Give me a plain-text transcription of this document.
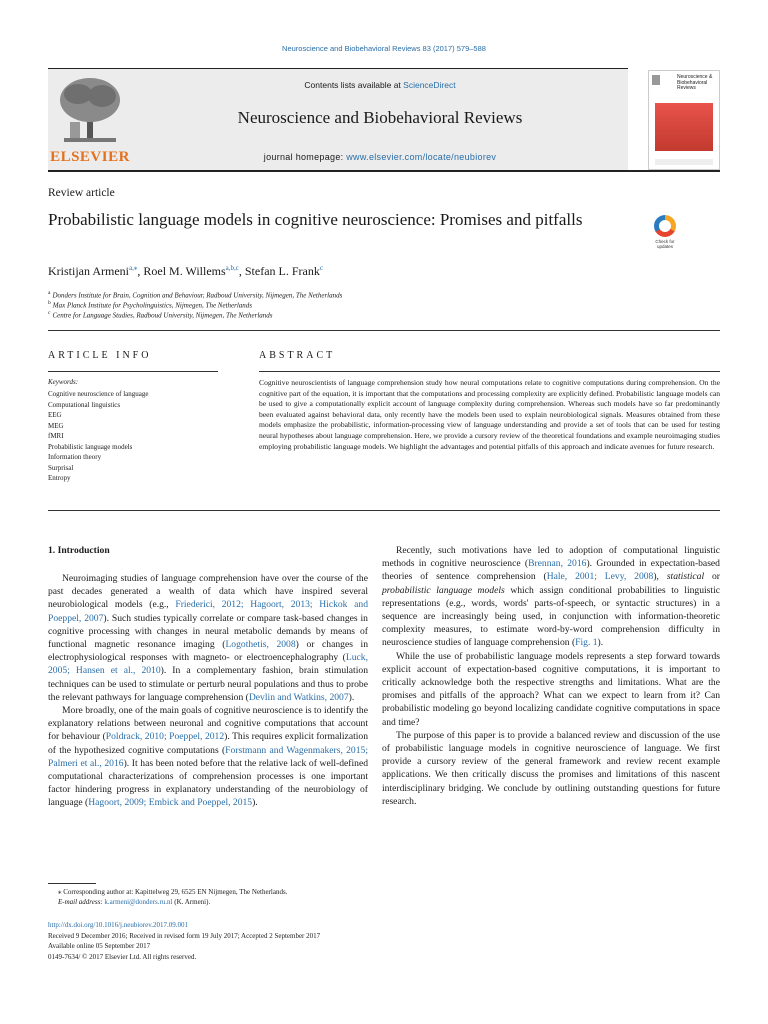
Neuroscience and Biobehavioral Reviews 83 (2017) 579–588
ELSEVIER
Contents lists available at ScienceDirect
Neuroscience and Biobehavioral Reviews
journal homepage: www.elsevier.com/locate/neubiorev
Neuroscience & Biobehavioral Reviews
Review article
Probabilistic language models in cognitive neuroscience: Promises and pitfalls
Check for updates
Kristijan Armeni$^{a,⁎}$, Roel M. Willems$^{a,b,c}$, Stefan L. Frank$^c$
$^a$ Donders Institute for Brain, Cognition and Behaviour, Radboud University, Nijmegen, The Netherlands
$^b$ Max Planck Institute for Psycholinguistics, Nijmegen, The Netherlands
$^c$ Centre for Language Studies, Radboud University, Nijmegen, The Netherlands
ARTICLE INFO	ABSTRACT
Keywords:
Cognitive neuroscience of language
Computational linguistics
EEG
MEG
fMRI
Probabilistic language models
Information theory
Surprisal
Entropy
Cognitive neuroscientists of language comprehension study how neural computations relate to cognitive computations during comprehension. On the cognitive part of the equation, it is important that the computations and processing complexity are explicitly defined. Probabilistic language models can be used to give a computationally explicit account of language complexity during comprehension. Whereas such models have so far predominantly been evaluated against behavioral data, only recently have the models been used to explain neurobiological signals. Measures obtained from these models emphasize the probabilistic, information-processing view of language understanding and provide a set of tools that can be used for testing neural hypotheses about language comprehension. Here, we provide a cursory review of the theoretical foundations and example neuroimaging studies employing probabilistic language models. We highlight the advantages and potential pitfalls of this approach and indicate avenues for future research.
1. Introduction

Neuroimaging studies of language comprehension have over the course of the past decades generated a wealth of data which have inspired several neurobiological models (e.g., Friederici, 2012; Hagoort, 2013; Hickok and Poeppel, 2007). Such studies typically correlate or compare task-based changes in cognitive processing with changes in neural metabolic demands by means of functional magnetic resonance imaging (Logothetis, 2008) or changes in electrophysiological responses with magneto- or electroencephalography (Luck, 2005; Hansen et al., 2010). In a complementary fashion, brain stimulation techniques can be used to stimulate or perturb neural populations and thus to probe the relevant pathways for language comprehension (Devlin and Watkins, 2007).

More broadly, one of the main goals of cognitive neuroscience is to identify the explanatory relations between neuronal and cognitive computations that account for behaviour (Poldrack, 2010; Poeppel, 2012). This requires explicit formalization of the hypothesized cognitive computations (Forstmann and Wagenmakers, 2015; Palmeri et al., 2016). It has been noted before that the relative lack of well-defined computational characterizations of comprehension processes is one important factor hindering progress in explanatory understanding of the neurobiology of language (Hagoort, 2009; Embick and Poeppel, 2015).

Recently, such motivations have led to adoption of computational linguistic methods in cognitive neuroscience (Brennan, 2016). Grounded in expectation-based theories of sentence comprehension (Hale, 2001; Levy, 2008), statistical or probabilistic language models which assign conditional probabilities to linguistic representations (e.g., words, words' parts-of-speech, or syntactic structures) in a sequence are increasingly being used, in conjunction with information-theoretic complexity measures, to estimate word-by-word comprehension difficulty in neuroscience studies of language comprehension (Fig. 1).

While the use of probabilistic language models represents a step forward towards explicit account of expectation-based cognitive computations, it is important to critically acknowledge both the respective strengths and limitations. What are the promises and pitfalls of the approach? What can we expect to learn from it? Can probabilistic modeling go beyond localizing candidate cognitive computations in space and time?

The purpose of this paper is to provide a balanced review and discussion of the use of probabilistic language models in cognitive neuroscience of language. We first provide a cursory review of the general framework and review recent example applications. We then critically discuss the promises and limitations of this nascent interdisciplinary bridging. We conclude by outlining outstanding questions for future research.

⁎ Corresponding author at: Kapittelweg 29, 6525 EN Nijmegen, The Netherlands.
E-mail address: k.armeni@donders.ru.nl (K. Armeni).
http://dx.doi.org/10.1016/j.neubiorev.2017.09.001
Received 9 December 2016; Received in revised form 19 July 2017; Accepted 2 September 2017
Available online 05 September 2017
0149-7634/ © 2017 Elsevier Ltd. All rights reserved.
